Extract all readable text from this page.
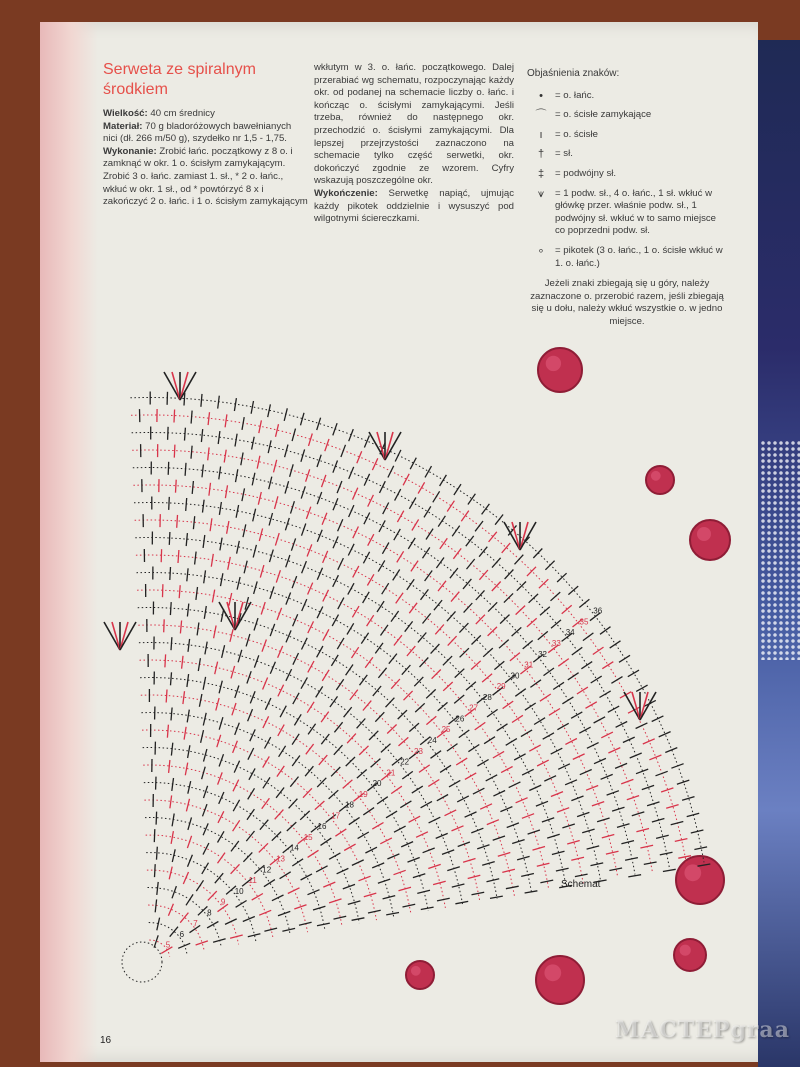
Serweta ze spiralnym środkiem

Wielkość: 40 cm średnicy

Materiał: 70 g bladoróżowych bawełnianych nici (dł. 266 m/50 g), szydełko nr 1,5 - 1,75.

Wykonanie: Zrobić łańc. początkowy z 8 o. i zamknąć w okr. 1 o. ścisłym zamykającym. Zrobić 3 o. łańc. zamiast 1. sł., * 2 o. łańc., wkłuć w okr. 1 sł., od * powtórzyć 8 x i zakończyć 2 o. łańc. i 1 o. ścisłym zamykającym

wkłutym w 3. o. łańc. początkowego. Dalej przerabiać wg schematu, rozpoczynając każdy okr. od podanej na schemacie liczby o. łańc. i kończąc o. ścisłymi zamykającymi. Jeśli trzeba, również do następnego okr. przechodzić o. ścisłymi zamykającymi. Dla lepszej przejrzystości zaznaczono na schemacie tylko część serwetki, okr. dokończyć zgodnie ze wzorem. Cyfry wskazują poszczególne okr.

Wykończenie: Serwetkę napiąć, ujmując każdy pikotek oddzielnie i wysuszyć pod wilgotnymi ściereczkami.

Objaśnienia znaków:
•	= o. łańc.
⌒ = o. ścisłe zamykające
ı	= o. ścisłe
†	= sł.
‡	= podwójny sł.
⩛	= 1 podw. sł., 4 o. łańc., 1 sł. wkłuć w główkę przer. właśnie podw. sł., 1 podwójny sł. wkłuć w to samo miejsce co poprzedni podw. sł.
∘	= pikotek (3 o. łańc., 1 o. ścisłe wkłuć w 1. o. łańc.)
Jeżeli znaki zbiegają się u góry, należy zaznaczone o. przerobić razem, jeśli zbiegają się u dołu, należy wkłuć wszystkie o. w jedno miejsce.
5
6
7
8
9
10
11
12
13
14
15
16
17
18
19
20
21
22
23
24
25
26
27
28
29
30
31
32
33
34
35
36
Schemat
16	МАСТЕРgraa
